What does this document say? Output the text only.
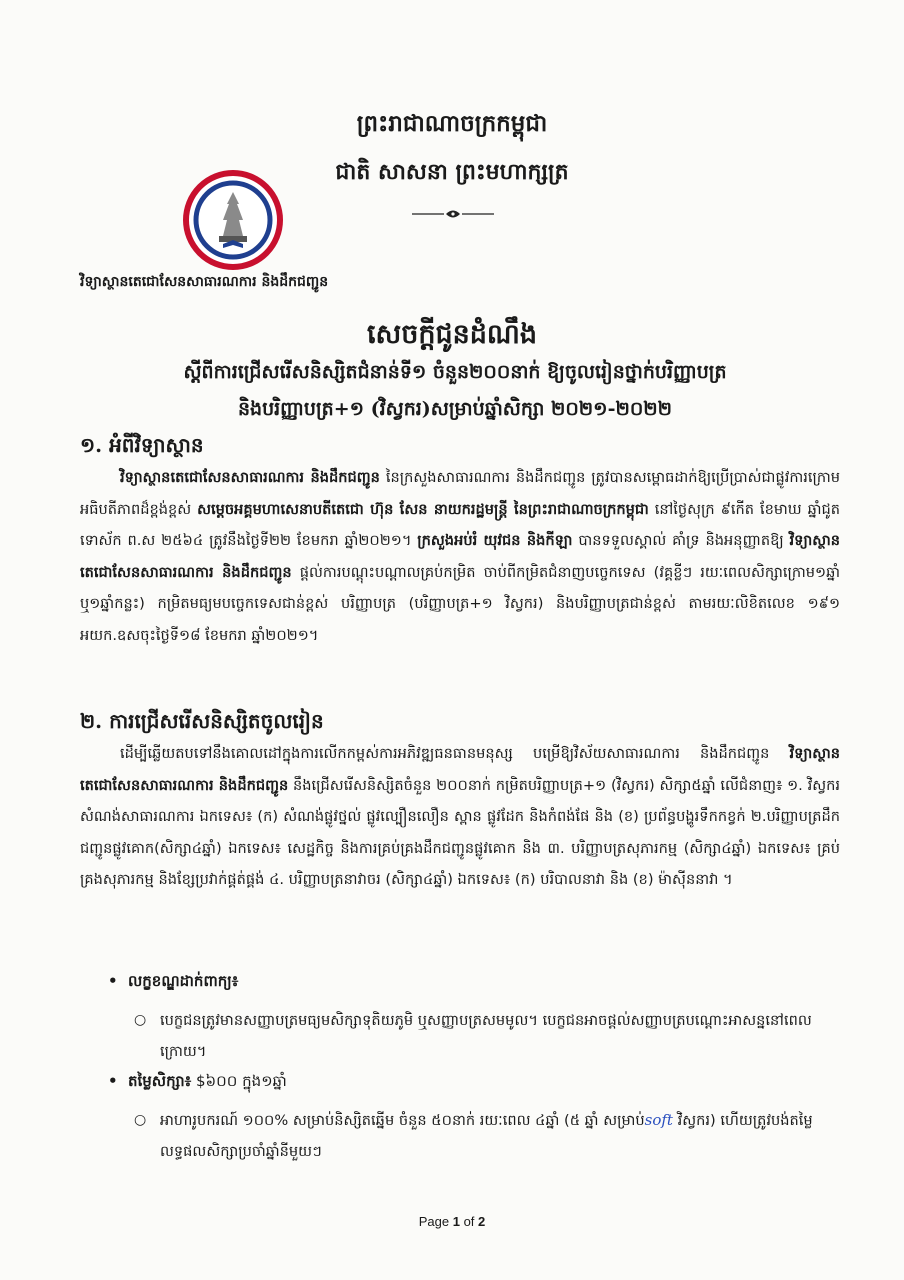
ព្រះរាជាណាចក្រកម្ពុជា
ជាតិ សាសនា ព្រះមហាក្សត្រ
វិទ្យាស្ថានតេជោសែនសាធារណការ និងដឹកជញ្ជូន
សេចក្តីជូនដំណឹង
ស្តីពីការជ្រើសរើសនិស្សិតជំនាន់ទី១ ចំនួន២០០នាក់ ឱ្យចូលរៀនថ្នាក់បរិញ្ញាបត្រ
និងបរិញ្ញាបត្រ+១ (វិស្វករ)សម្រាប់ឆ្នាំសិក្សា ២០២១-២០២២
១. អំពីវិទ្យាស្ថាន
វិទ្យាស្ថានតេជោសែនសាធារណការ និងដឹកជញ្ជូន នៃក្រសួងសាធារណការ និងដឹកជញ្ជូន ត្រូវបានសម្ពោធដាក់ឱ្យប្រើប្រាស់ជាផ្លូវការក្រោមអធិបតីភាពដ៏ខ្ពង់ខ្ពស់ សម្តេចអគ្គមហាសេនាបតីតេជោ ហ៊ុន សែន នាយករដ្ឋមន្ត្រី នៃព្រះរាជាណាចក្រកម្ពុជា នៅថ្ងៃសុក្រ ៩កើត ខែមាឃ ឆ្នាំជូត ទោស័ក ព.ស ២៥៦៤ ត្រូវនឹងថ្ងៃទី២២ ខែមករា ឆ្នាំ២០២១។ ក្រសួងអប់រំ យុវជន និងកីឡា បានទទួលស្គាល់ គាំទ្រ និងអនុញ្ញាតឱ្យ វិទ្យាស្ថានតេជោសែនសាធារណការ និងដឹកជញ្ជូន ផ្តល់ការបណ្តុះបណ្តាលគ្រប់កម្រិត ចាប់ពីកម្រិតជំនាញបច្ចេកទេស (វគ្គខ្លីៗ រយៈពេលសិក្សាក្រោម១ឆ្នាំ ឬ១ឆ្នាំកន្លះ) កម្រិតមធ្យមបច្ចេកទេសជាន់ខ្ពស់ បរិញ្ញាបត្រ (បរិញ្ញាបត្រ+១ វិស្វករ) និងបរិញ្ញាបត្រជាន់ខ្ពស់ តាមរយៈលិខិតលេខ ១៩១ អយក.ឧសចុះថ្ងៃទី១៨ ខែមករា ឆ្នាំ២០២១។
២. ការជ្រើសរើសនិស្សិតចូលរៀន
ដើម្បីឆ្លើយតបទៅនឹងគោលដៅក្នុងការលើកកម្ពស់ការអភិវឌ្ឍធនធានមនុស្ស បម្រើឱ្យវិស័យសាធារណការ និងដឹកជញ្ជូន វិទ្យាស្ថានតេជោសែនសាធារណការ និងដឹកជញ្ជូន នឹងជ្រើសរើសនិស្សិតចំនួន ២០០នាក់ កម្រិតបរិញ្ញាបត្រ+១ (វិស្វករ) សិក្សា៥ឆ្នាំ លើជំនាញ៖ ១. វិស្វករសំណង់សាធារណការ ឯកទេស៖ (ក) សំណង់ផ្លូវថ្នល់ ផ្លូវល្បឿនលឿន ស្ពាន ផ្លូវដែក និងកំពង់ផែ និង (ខ) ប្រព័ន្ធបង្ហូរទឹកកខ្វក់ ២.បរិញ្ញាបត្រដឹកជញ្ជូនផ្លូវគោក(សិក្សា៤ឆ្នាំ) ឯកទេស៖ សេដ្ឋកិច្ច និងការគ្រប់គ្រងដឹកជញ្ជូនផ្លូវគោក និង ៣. បរិញ្ញាបត្រសុភារកម្ម (សិក្សា៤ឆ្នាំ) ឯកទេស៖ គ្រប់គ្រងសុភារកម្ម និងខ្សែប្រវាក់ផ្គត់ផ្គង់ ៤. បរិញ្ញាបត្រនាវាចរ (សិក្សា៤ឆ្នាំ) ឯកទេស៖ (ក) បរិបាលនាវា និង (ខ) ម៉ាស៊ីននាវា ។
• លក្ខខណ្ឌដាក់ពាក្យ៖
○ បេក្ខជនត្រូវមានសញ្ញាបត្រមធ្យមសិក្សាទុតិយភូមិ ឬសញ្ញាបត្រសមមូល។ បេក្ខជនអាចផ្តល់សញ្ញាបត្របណ្តោះអាសន្ននៅពេលក្រោយ។
• តម្លៃសិក្សា៖ $៦០០ ក្នុង១ឆ្នាំ
○ អាហារូបករណ៍ ១០០% សម្រាប់និស្សិតឆ្នើម ចំនួន ៥០នាក់ រយៈពេល ៤ឆ្នាំ (៥ ឆ្នាំ សម្រាប់soft វិស្វករ) ហើយត្រូវបង់តម្លៃលទ្ធផលសិក្សាប្រចាំឆ្នាំនីមួយៗ
Page 1 of 2
